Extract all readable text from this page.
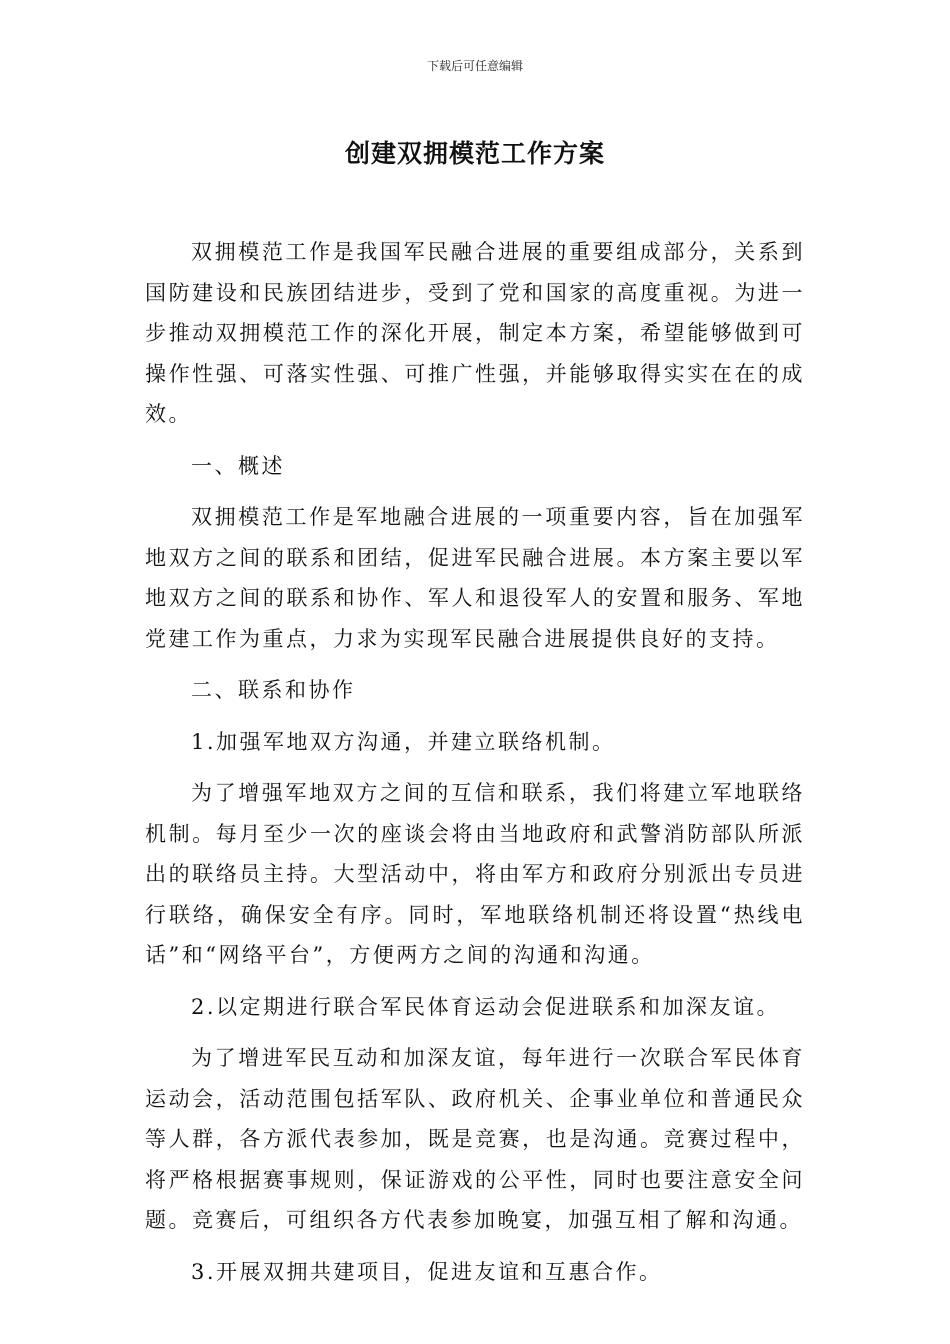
下载后可任意编辑
创建双拥模范工作方案

双拥模范工作是我国军民融合进展的重要组成部分，关系到国防建设和民族团结进步，受到了党和国家的高度重视。为进一步推动双拥模范工作的深化开展，制定本方案，希望能够做到可操作性强、可落实性强、可推广性强，并能够取得实实在在的成效。

一、概述

双拥模范工作是军地融合进展的一项重要内容，旨在加强军地双方之间的联系和团结，促进军民融合进展。本方案主要以军地双方之间的联系和协作、军人和退役军人的安置和服务、军地党建工作为重点，力求为实现军民融合进展提供良好的支持。

二、联系和协作

1.加强军地双方沟通，并建立联络机制。

为了增强军地双方之间的互信和联系，我们将建立军地联络机制。每月至少一次的座谈会将由当地政府和武警消防部队所派出的联络员主持。大型活动中，将由军方和政府分别派出专员进行联络，确保安全有序。同时，军地联络机制还将设置“热线电话”和“网络平台”，方便两方之间的沟通和沟通。

2.以定期进行联合军民体育运动会促进联系和加深友谊。

为了增进军民互动和加深友谊，每年进行一次联合军民体育运动会，活动范围包括军队、政府机关、企事业单位和普通民众等人群，各方派代表参加，既是竞赛，也是沟通。竞赛过程中，将严格根据赛事规则，保证游戏的公平性，同时也要注意安全问题。竞赛后，可组织各方代表参加晚宴，加强互相了解和沟通。

3.开展双拥共建项目，促进友谊和互惠合作。
